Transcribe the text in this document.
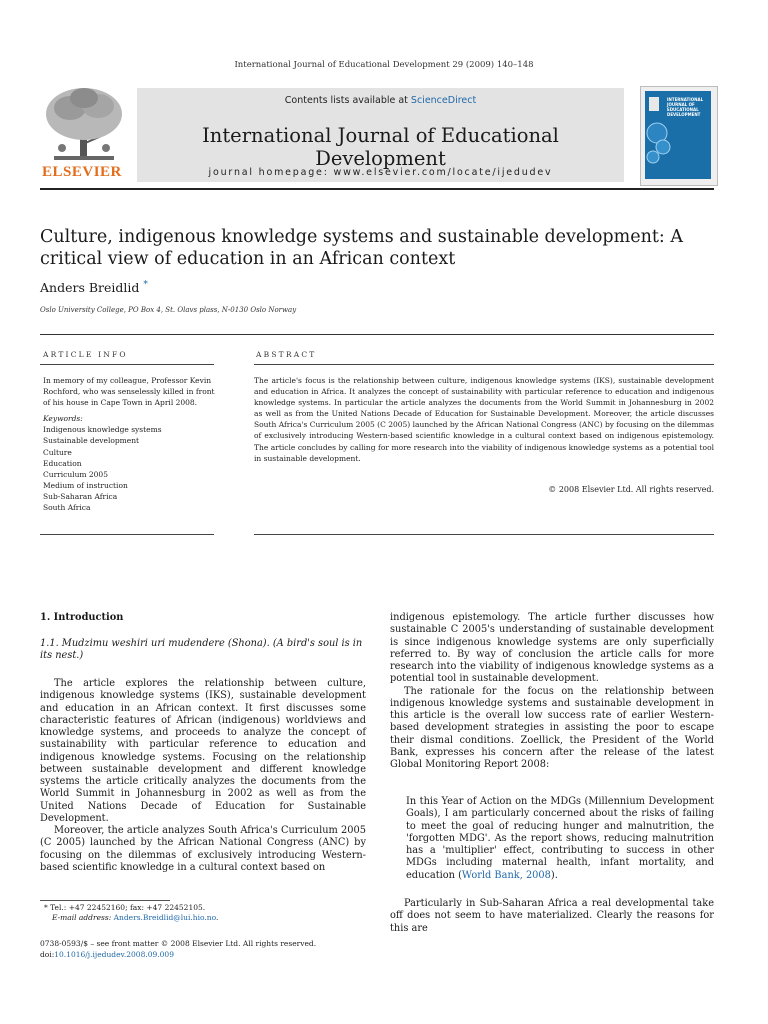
International Journal of Educational Development 29 (2009) 140–148
ELSEVIER
Contents lists available at ScienceDirect
International Journal of Educational Development
journal homepage: www.elsevier.com/locate/ijedudev
INTERNATIONAL JOURNAL OF EDUCATIONAL DEVELOPMENT
Culture, indigenous knowledge systems and sustainable development: A critical view of education in an African context
Anders Breidlid *
Oslo University College, PO Box 4, St. Olavs plass, N-0130 Oslo Norway
ARTICLE INFO	ABSTRACT
In memory of my colleague, Professor Kevin Rochford, who was senselessly killed in front of his house in Cape Town in April 2008.
Keywords:
Indigenous knowledge systems
Sustainable development
Culture
Education
Curriculum 2005
Medium of instruction
Sub-Saharan Africa
South Africa
The article's focus is the relationship between culture, indigenous knowledge systems (IKS), sustainable development and education in Africa. It analyzes the concept of sustainability with particular reference to education and indigenous knowledge systems. In particular the article analyzes the documents from the World Summit in Johannesburg in 2002 as well as from the United Nations Decade of Education for Sustainable Development. Moreover, the article discusses South Africa's Curriculum 2005 (C 2005) launched by the African National Congress (ANC) by focusing on the dilemmas of exclusively introducing Western-based scientific knowledge in a cultural context based on indigenous epistemology. The article concludes by calling for more research into the viability of indigenous knowledge systems as a potential tool in sustainable development.
© 2008 Elsevier Ltd. All rights reserved.
1. Introduction
1.1. Mudzimu weshiri uri mudendere (Shona). (A bird's soul is in its nest.)

The article explores the relationship between culture, indigenous knowledge systems (IKS), sustainable development and education in an African context. It first discusses some characteristic features of African (indigenous) worldviews and knowledge systems, and proceeds to analyze the concept of sustainability with particular reference to education and indigenous knowledge systems. Focusing on the relationship between sustainable development and different knowledge systems the article critically analyzes the documents from the World Summit in Johannesburg in 2002 as well as from the United Nations Decade of Education for Sustainable Development.

Moreover, the article analyzes South Africa's Curriculum 2005 (C 2005) launched by the African National Congress (ANC) by focusing on the dilemmas of exclusively introducing Western-based scientific knowledge in a cultural context based on

indigenous epistemology. The article further discusses how sustainable C 2005's understanding of sustainable development is since indigenous knowledge systems are only superficially referred to. By way of conclusion the article calls for more research into the viability of indigenous knowledge systems as a potential tool in sustainable development.

The rationale for the focus on the relationship between indigenous knowledge systems and sustainable development in this article is the overall low success rate of earlier Western-based development strategies in assisting the poor to escape their dismal conditions. Zoellick, the President of the World Bank, expresses his concern after the release of the latest Global Monitoring Report 2008:

In this Year of Action on the MDGs (Millennium Development Goals), I am particularly concerned about the risks of failing to meet the goal of reducing hunger and malnutrition, the 'forgotten MDG'. As the report shows, reducing malnutrition has a 'multiplier' effect, contributing to success in other MDGs including maternal health, infant mortality, and education (World Bank, 2008).

Particularly in Sub-Saharan Africa a real developmental take off does not seem to have materialized. Clearly the reasons for this are

* Tel.: +47 22452160; fax: +47 22452105.
E-mail address: Anders.Breidlid@lui.hio.no.
0738-0593/$ – see front matter © 2008 Elsevier Ltd. All rights reserved.
doi:10.1016/j.ijedudev.2008.09.009
